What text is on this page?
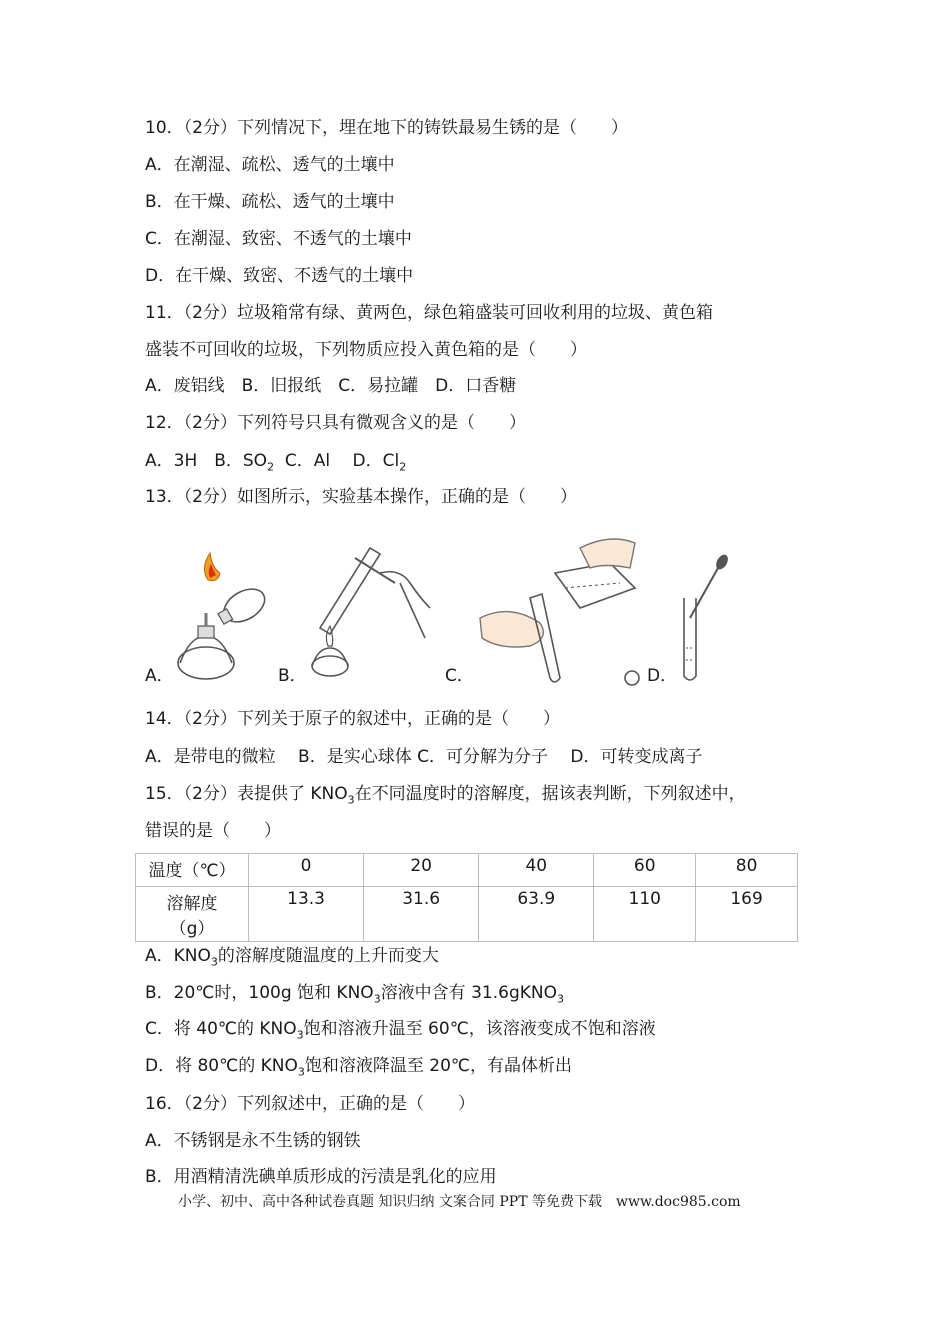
10．（2分）下列情况下，埋在地下的铸铁最易生锈的是（　　）
A．在潮湿、疏松、透气的土壤中
B．在干燥、疏松、透气的土壤中
C．在潮湿、致密、不透气的土壤中
D．在干燥、致密、不透气的土壤中
11．（2分）垃圾箱常有绿、黄两色，绿色箱盛装可回收利用的垃圾、黄色箱
盛装不可回收的垃圾，下列物质应投入黄色箱的是（　　）
A．废铝线　B．旧报纸　C．易拉罐　D．口香糖
12．（2分）下列符号只具有微观含义的是（　　）
A．3H　B．$SO_2$  C．Al　 D．$Cl_2$
13．（2分）如图所示，实验基本操作，正确的是（　　）
A．	B．	C．	D．
14．（2分）下列关于原子的叙述中，正确的是（　　）
A．是带电的微粒　 B．是实心球体 C．可分解为分子　 D．可转变成离子
15．（2分）表提供了 $KNO_3$在不同温度时的溶解度，据该表判断，下列叙述中，
错误的是（　　）
温度（℃）	0	20	40	60	80

溶解度
（g）	13.3	31.6	63.9	110	169
A．$KNO_3$的溶解度随温度的上升而变大
B．20℃时，100g 饱和 $KNO_3$溶液中含有 31.6gKNO$_3$
C．将 40℃的 $KNO_3$饱和溶液升温至 60℃，该溶液变成不饱和溶液
D．将 80℃的 $KNO_3$饱和溶液降温至 20℃，有晶体析出
16．（2分）下列叙述中，正确的是（　　）
A．不锈钢是永不生锈的钢铁
B．用酒精清洗碘单质形成的污渍是乳化的应用
小学、初中、高中各种试卷真题 知识归纳 文案合同 PPT 等免费下载　www.doc985.com
